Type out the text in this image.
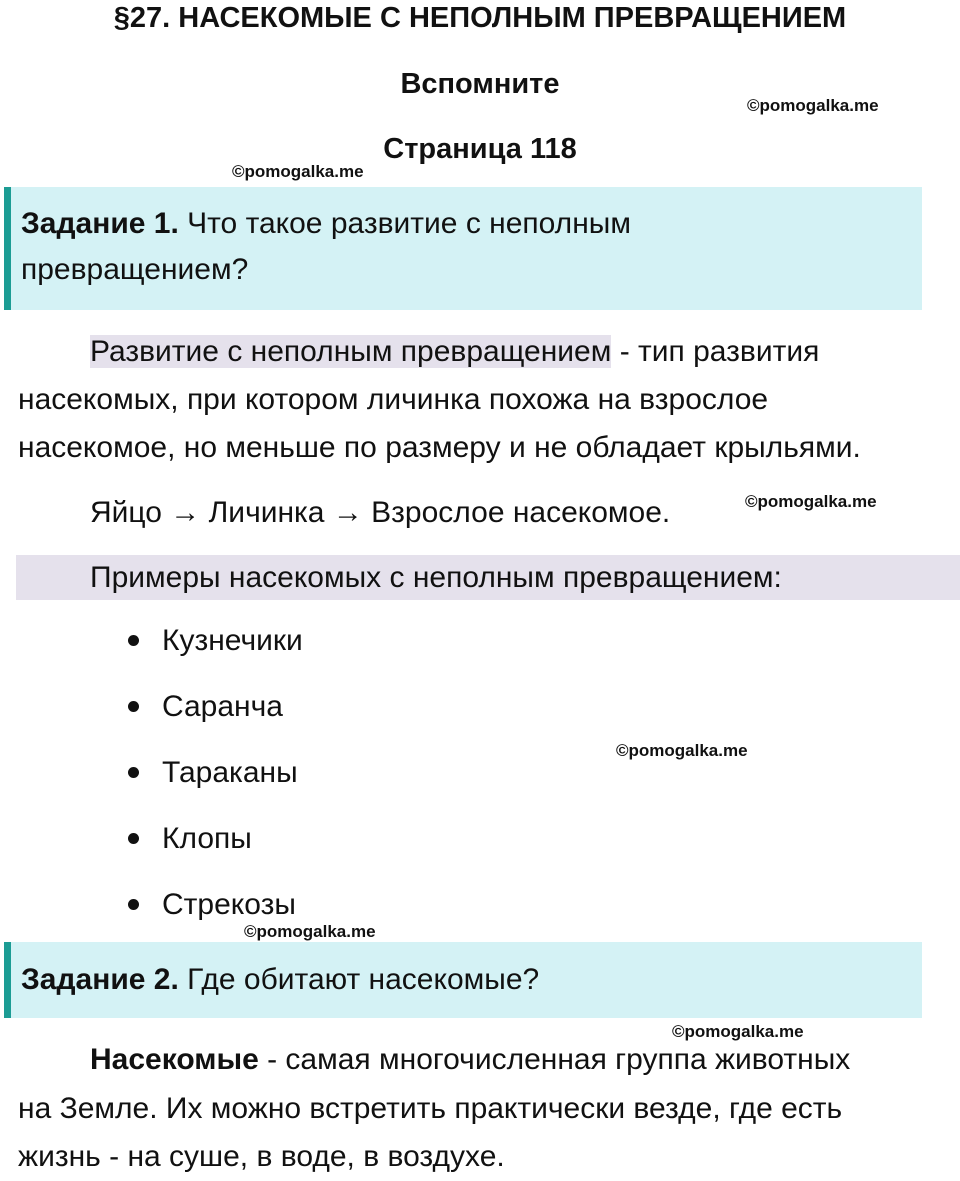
§27. НАСЕКОМЫЕ С НЕПОЛНЫМ ПРЕВРАЩЕНИЕМ
Вспомните
Страница 118
©pomogalka.me
©pomogalka.me
Задание 1. Что такое развитие с неполным
превращением?
Развитие с неполным превращением - тип развития
насекомых, при котором личинка похожа на взрослое
насекомое, но меньше по размеру и не обладает крыльями.
Яйцо → Личинка → Взрослое насекомое.	©pomogalka.me
Примеры насекомых с неполным превращением:
Кузнечики
Саранча
Тараканы
Клопы
Стрекозы
©pomogalka.me
©pomogalka.me
Задание 2. Где обитают насекомые?
©pomogalka.me
Насекомые - самая многочисленная группа животных
на Земле. Их можно встретить практически везде, где есть
жизнь - на суше, в воде, в воздухе.
